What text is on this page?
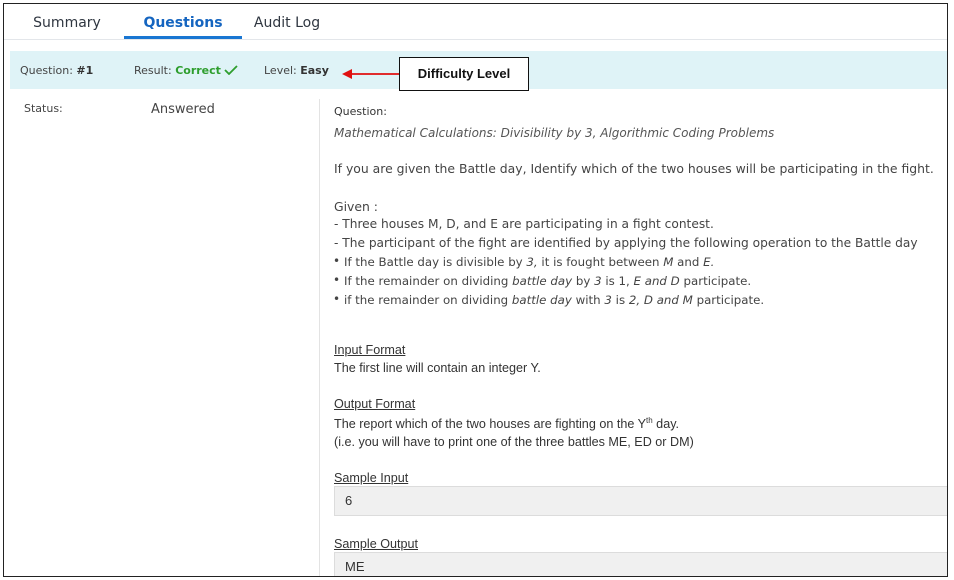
Summary	Questions	Audit Log
Question: #1	Result: Correct	Level: Easy	Difficulty Level
Status:	Answered	Question:
Mathematical Calculations: Divisibility by 3, Algorithmic Coding Problems
If you are given the Battle day, Identify which of the two houses will be participating in the fight.
Given :
- Three houses M, D, and E are participating in a fight contest.
- The participant of the fight are identified by applying the following operation to the Battle day
• If the Battle day is divisible by 3, it is fought between M and E.
• If the remainder on dividing battle day by 3 is 1, E and D participate.
• if the remainder on dividing battle day with 3 is 2, D and M participate.
Input Format
The first line will contain an integer Y.
Output Format
The report which of the two houses are fighting on the $Y^{th}$ day.
(i.e. you will have to print one of the three battles ME, ED or DM)
Sample Input
6
Sample Output
ME
